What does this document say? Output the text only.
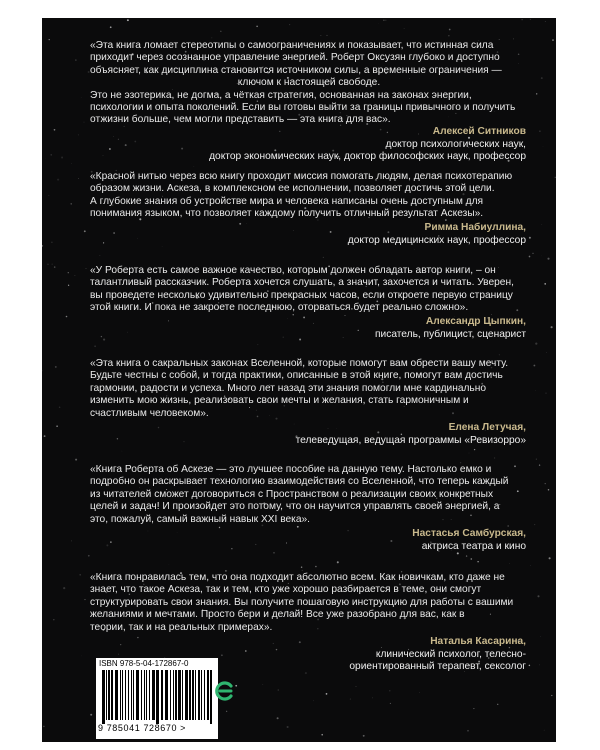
«Эта книга ломает стереотипы о самоограничениях и показывает, что истинная сила

приходит через осознанное управление энергией. Роберт Оксузян глубоко и доступно

объясняет, как дисциплина становится источником силы, а временные ограничения —

ключом к настоящей свободе.

Это не эзотерика, не догма, а чёткая стратегия, основанная на законах энергии,

психологии и опыта поколений. Если вы готовы выйти за границы привычного и получить

отжизни больше, чем могли представить — эта книга для вас».

Алексей Ситников
доктор психологических наук,
доктор экономических наук, доктор философских наук, профессор

«Красной нитью через всю книгу проходит миссия помогать людям, делая психотерапию

образом жизни. Аскеза, в комплексном ее исполнении, позволяет достичь этой цели.

А глубокие знания об устройстве мира и человека написаны очень доступным для

понимания языком, что позволяет каждому получить отличный результат Аскезы».

Римма Набиуллина,
доктор медицинских наук, профессор

«У Роберта есть самое важное качество, которым должен обладать автор книги, – он

талантливый рассказчик. Роберта хочется слушать, а значит, захочется и читать. Уверен,

вы проведете несколько удивительно прекрасных часов, если откроете первую страницу

этой книги. И пока не закроете последнюю, оторваться будет реально сложно».

Александр Цыпкин,
писатель, публицист, сценарист

«Эта книга о сакральных законах Вселенной, которые помогут вам обрести вашу мечту.

Будьте честны с собой, и тогда практики, описанные в этой книге, помогут вам достичь

гармонии, радости и успеха. Много лет назад эти знания помогли мне кардинально

изменить мою жизнь, реализовать свои мечты и желания, стать гармоничным и

счастливым человеком».

Елена Летучая,
телеведущая, ведущая программы «Ревизорро»

«Книга Роберта об Аскезе — это лучшее пособие на данную тему. Настолько емко и

подробно он раскрывает технологию взаимодействия со Вселенной, что теперь каждый

из читателей сможет договориться с Пространством о реализации своих конкретных

целей и задач! И произойдет это потому, что он научится управлять своей энергией, а

это, пожалуй, самый важный навык XXI века».

Настасья Самбурская,
актриса театра и кино

«Книга понравилась тем, что она подходит абсолютно всем. Как новичкам, кто даже не

знает, что такое Аскеза, так и тем, кто уже хорошо разбирается в теме, они смогут

структурировать свои знания. Вы получите пошаговую инструкцию для работы с вашими

желаниями и мечтами. Просто бери и делай! Все уже разобрано для вас, как в

теории, так и на реальных примерах».

Наталья Касарина,
клинический психолог, телесно-
ориентированный терапевт, сексолог
ISBN 978-5-04-172867-0
9 785041 728670 >
